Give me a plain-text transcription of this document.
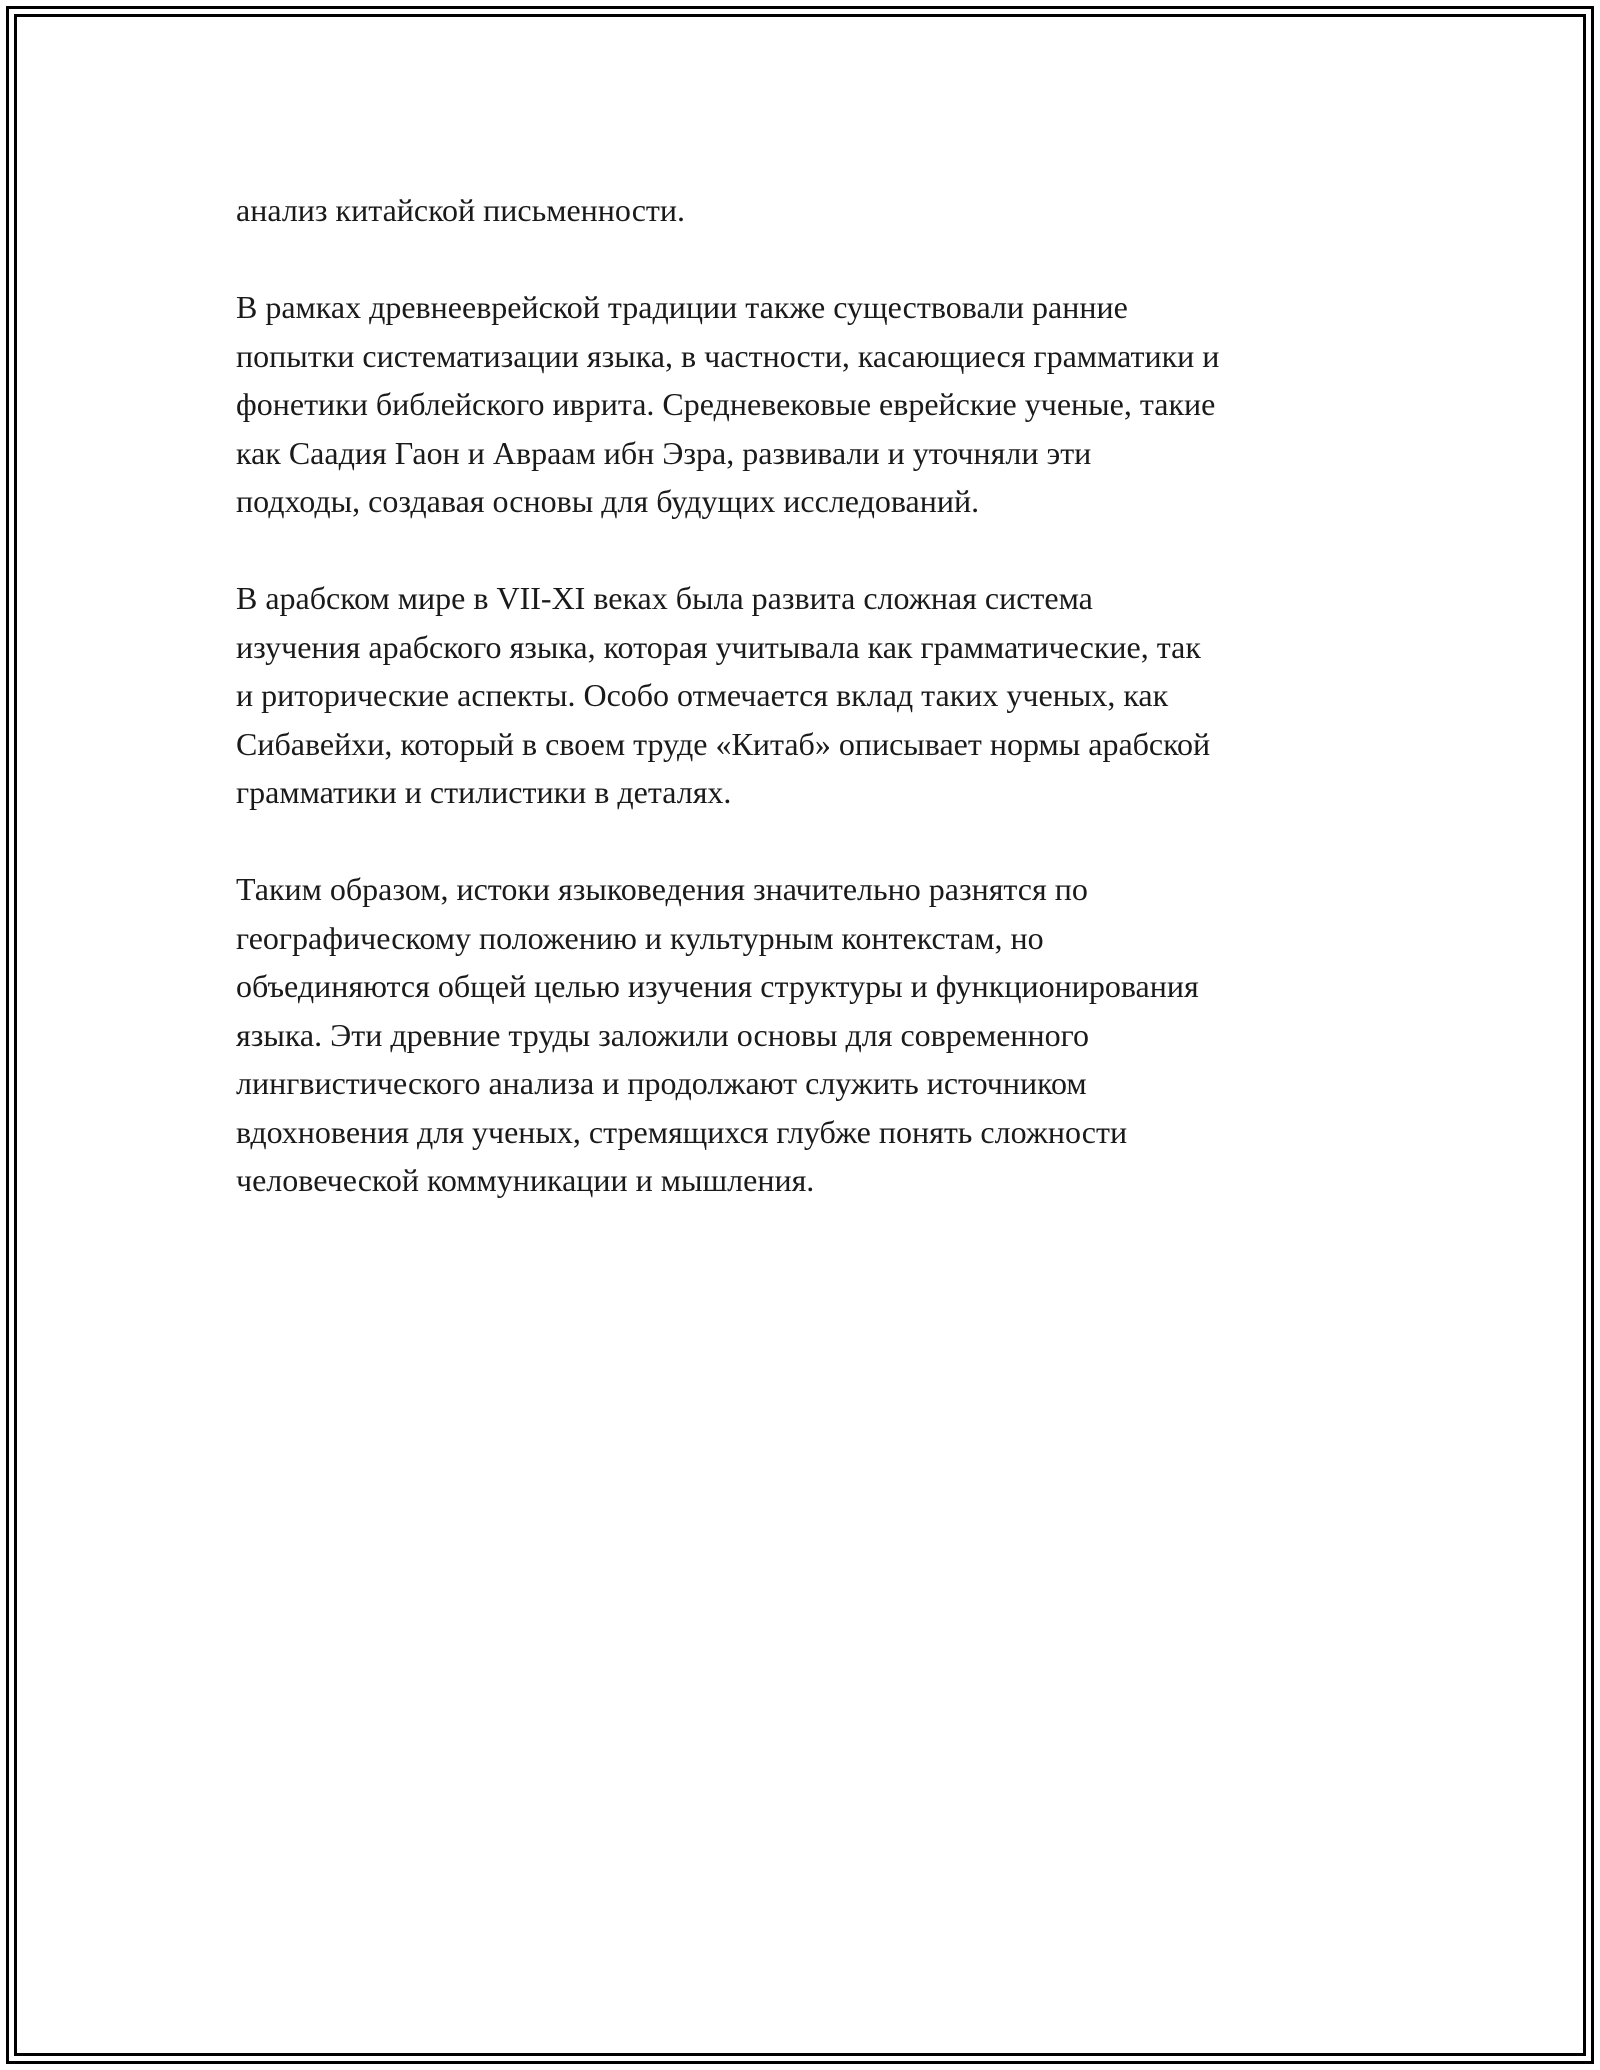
анализ китайской письменности.

В рамках древнееврейской традиции также существовали ранние
попытки систематизации языка, в частности, касающиеся грамматики и
фонетики библейского иврита. Средневековые еврейские ученые, такие
как Саадия Гаон и Авраам ибн Эзра, развивали и уточняли эти
подходы, создавая основы для будущих исследований.

В арабском мире в VII-XI веках была развита сложная система
изучения арабского языка, которая учитывала как грамматические, так
и риторические аспекты. Особо отмечается вклад таких ученых, как
Сибавейхи, который в своем труде «Китаб» описывает нормы арабской
грамматики и стилистики в деталях.

Таким образом, истоки языковедения значительно разнятся по
географическому положению и культурным контекстам, но
объединяются общей целью изучения структуры и функционирования
языка. Эти древние труды заложили основы для современного
лингвистического анализа и продолжают служить источником
вдохновения для ученых, стремящихся глубже понять сложности
человеческой коммуникации и мышления.
